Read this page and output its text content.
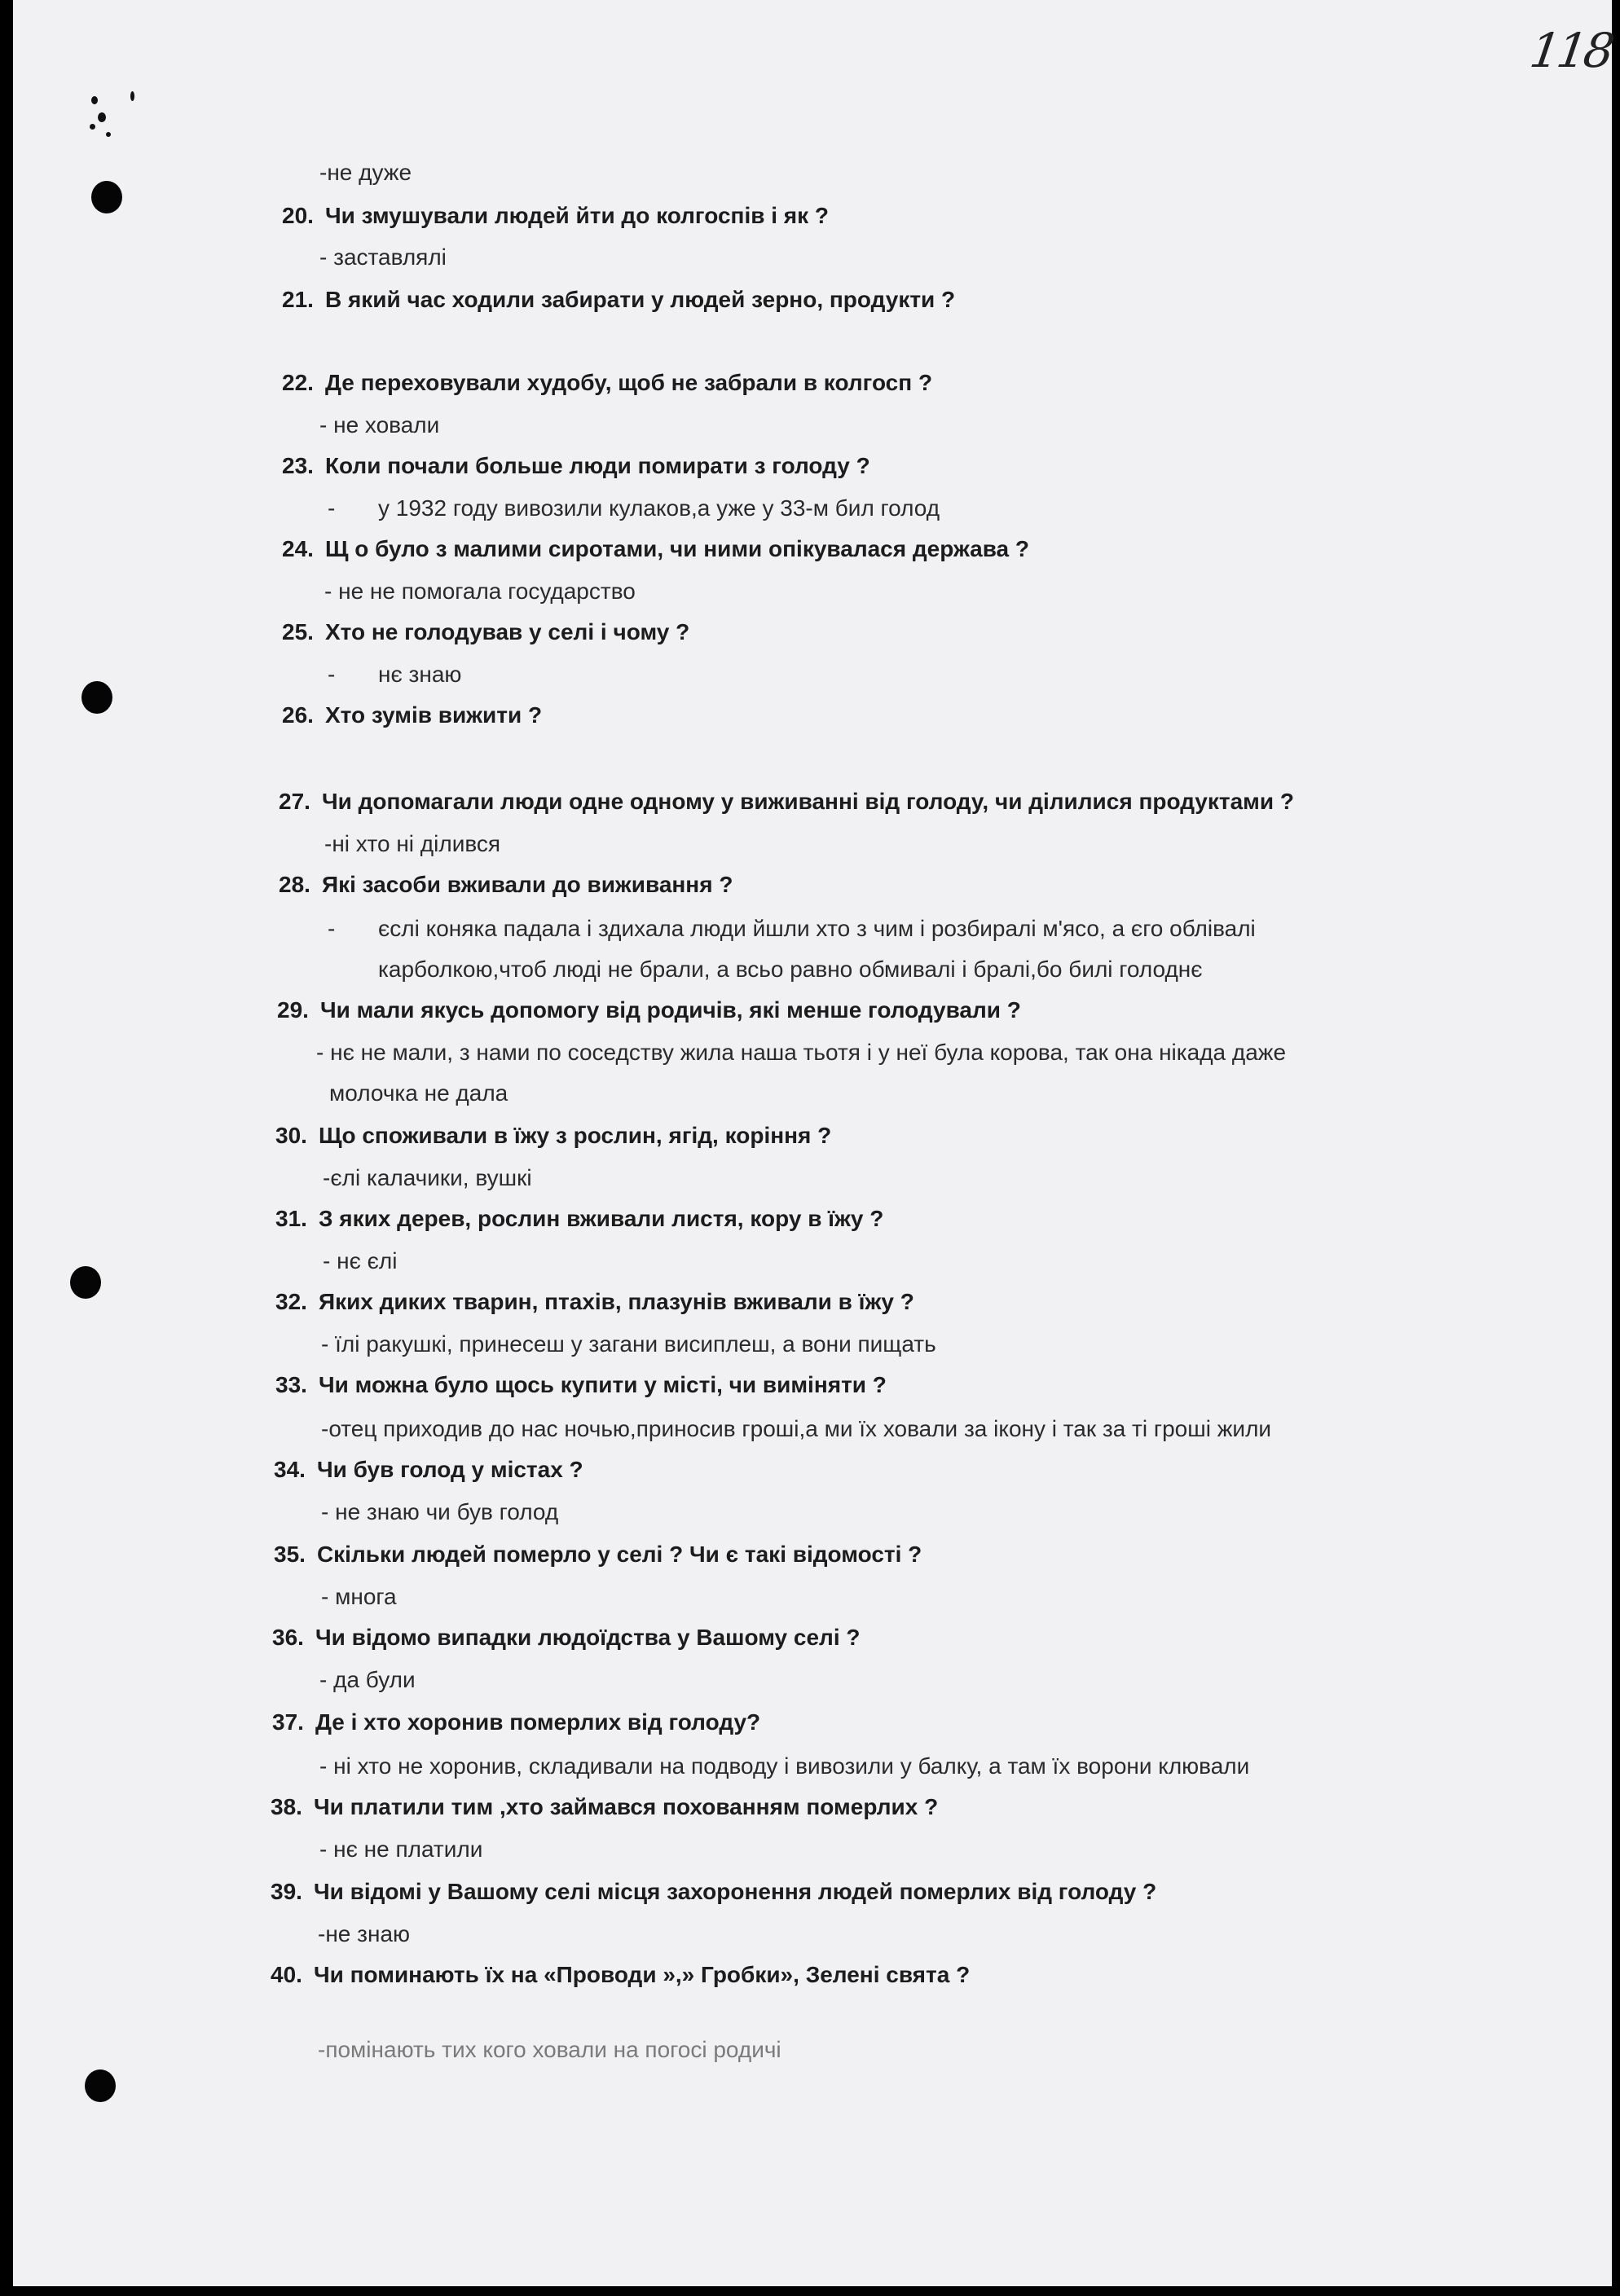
118
-не дуже
20. Чи змушували людей йти до колгоспів і як ?
- заставлялі
21. В який час ходили забирати у людей зерно, продукти ?
22. Де переховували худобу, щоб не забрали в колгосп ?
- не ховали
23. Коли почали больше люди помирати з голоду ?
- у 1932 году вивозили кулаков,а уже у 33-м бил голод
24. Щ о було з малими сиротами, чи ними опікувалася держава ?
- не не помогала государство
25. Хто не голодував у селі і чому ?
- нє знаю
26. Хто зумів вижити ?
27. Чи допомагали люди одне одному у виживанні від голоду, чи ділилися продуктами ?
-ні хто ні ділився
28. Які засоби вживали до виживання ?
- єслі коняка падала і здихала люди йшли хто з чим і розбиралі м'ясо, а єго облівалі
карболкою,чтоб люді не брали, а всьо равно обмивалі і бралі,бо билі голоднє
29. Чи мали якусь допомогу від родичів, які менше голодували ?
- нє не мали, з нами по соседству жила наша тьотя і у неї була корова, так она нікада даже
молочка не дала
30. Що споживали в їжу з рослин, ягід, коріння ?
-єлі калачики, вушкі
31. З яких дерев, рослин вживали листя, кору в їжу ?
- нє єлі
32. Яких диких тварин, птахів, плазунів вживали в їжу ?
- їлі ракушкі, принесеш у загани висиплеш, а вони пищать
33. Чи можна було щось купити у місті, чи виміняти ?
-отец приходив до нас ночью,приносив гроші,а ми їх ховали за ікону і так за ті гроші жили
34. Чи був голод у містах ?
- не знаю чи був голод
35. Скільки людей померло у селі ? Чи є такі відомості ?
- многа
36. Чи відомо випадки людоїдства у Вашому селі ?
- да були
37. Де і хто хоронив померлих від голоду?
- ні хто не хоронив, складивали на подводу і вивозили у балку, а там їх ворони клювали
38. Чи платили тим ,хто займався похованням померлих ?
- нє не платили
39. Чи відомі у Вашому селі місця захоронення людей померлих від голоду ?
-не знаю
40. Чи поминають їх на «Проводи »,» Гробки», Зелені свята ?
-помінають тих кого ховали на погосі родичі
